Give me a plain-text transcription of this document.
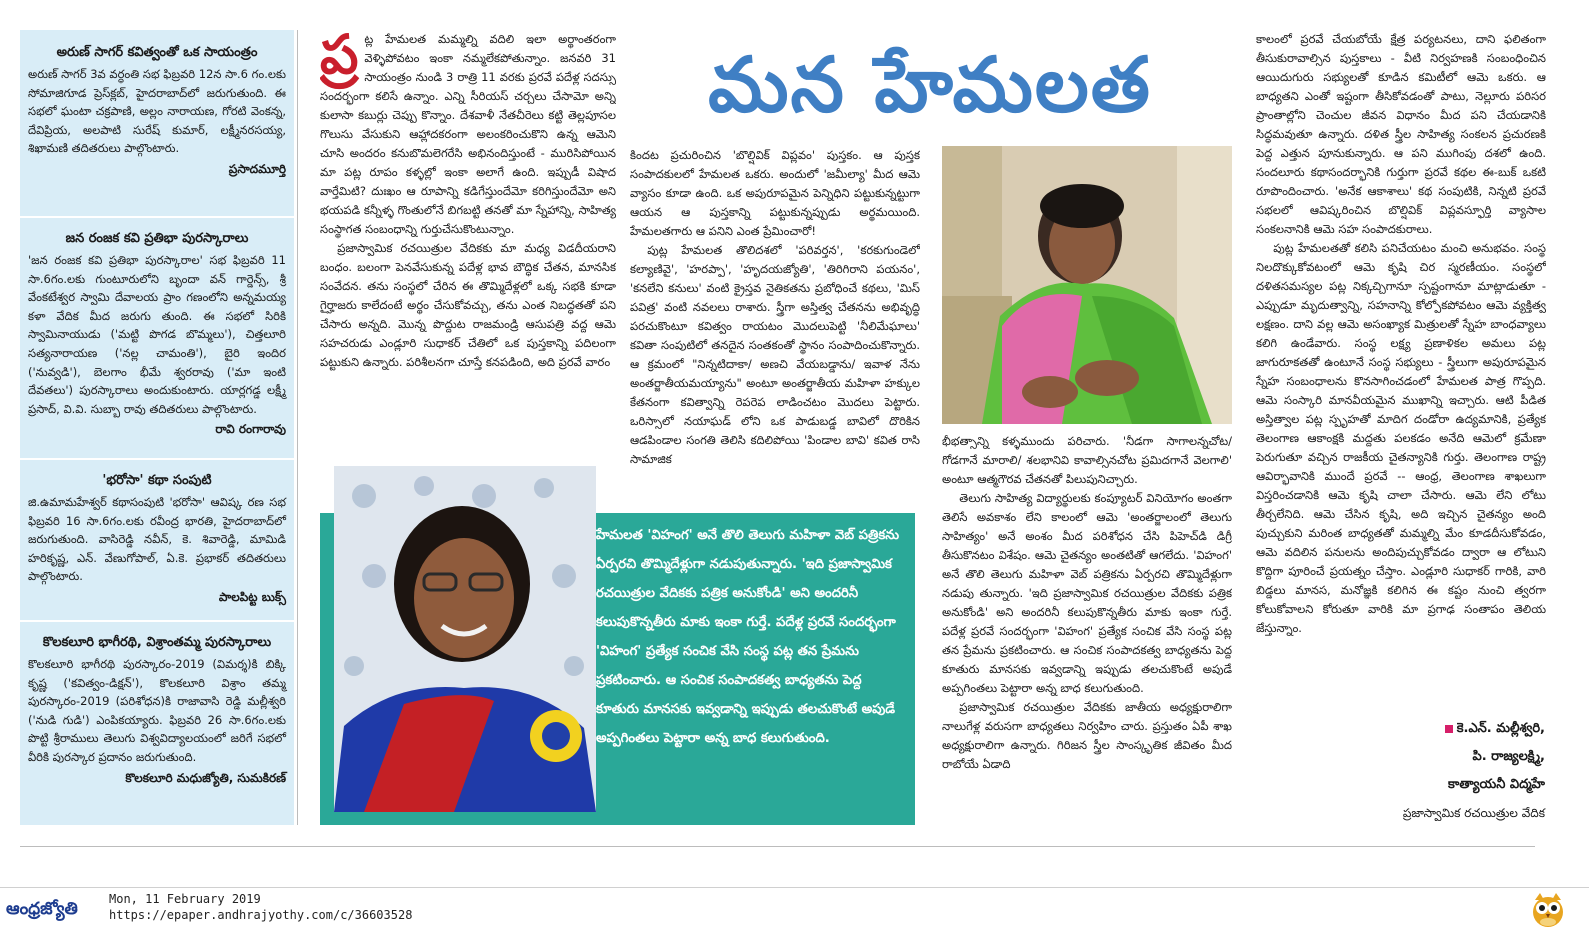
అరుణ్ సాగర్ కవిత్వంతో ఒక సాయంత్రం

అరుణ్ సాగర్ 3వ వర్ధంతి సభ ఫిబ్రవరి 12న సా.6 గం.లకు సోమాజిగూడ ప్రెస్‌క్లబ్, హైదరాబాద్‌లో జరుగుతుంది. ఈ సభలో ఘంటా చక్రపాణి, అల్లం నారాయణ, గోరటి వెంకన్న, దేవిప్రియ, అలపాటి సురేష్ కుమార్, లక్ష్మీనరసయ్య, శిఖామణి తదితరులు పాల్గొంటారు.

ప్రసాదమూర్తి
జన రంజక కవి ప్రతిభా పురస్కారాలు

'జన రంజక కవి ప్రతిభా పురస్కారాల' సభ ఫిబ్రవరి 11 సా.6గం.లకు గుంటూరులోని బృందా వన్ గార్డెన్స్, శ్రీ వేంకటేశ్వర స్వామి దేవాలయ ప్రాం గణంలోని అన్నమయ్య కళా వేదిక మీద జరుగు తుంది. ఈ సభలో సిరికి స్వామినాయుడు ('మట్టి పొగడ బొమ్మలు'), చిత్తలూరి సత్యనారాయణ ('నల్ల చామంతి'), బైరి ఇందిర ('నువ్వడి'), బెలగాం భీమే శ్వరరావు ('మా ఇంటి దేవతలు') పురస్కారాలు అందుకుంటారు. యార్లగడ్డ లక్ష్మీ ప్రసాద్, వి.వి. సుబ్బా రావు తదితరులు పాల్గొంటారు.

రావి రంగారావు
'భరోసా' కథా సంపుటి

జి.ఉమామహేశ్వర్ కథాసంపుటి 'భరోసా' ఆవిష్క రణ సభ ఫిబ్రవరి 16 సా.6గం.లకు రవీంద్ర భారతి, హైదరాబాద్‌లో జరుగుతుంది. వాసిరెడ్డి నవీన్, కె. శివారెడ్డి, మామిడి హరికృష్ణ, ఎన్. వేణుగోపాల్, ఏ.కె. ప్రభాకర్ తదితరులు పాల్గొంటారు.

పాలపిట్ట బుక్స్
కొలకలూరి భాగీరథి, విశ్రాంతమ్మ పురస్కారాలు

కొలకలూరి భాగీరథి పురస్కారం-2019 (విమర్శ)కి బిక్కి కృష్ణ ('కవిత్వం-డిక్షన్'), కొలకలూరి విశ్రాం తమ్మ పురస్కారం-2019 (పరిశోధన)కి రాజావాసి రెడ్డి మల్లీశ్వరి ('నుడి గుడి') ఎంపికయ్యారు. ఫిబ్రవరి 26 సా.6గం.లకు పొట్టి శ్రీరాములు తెలుగు విశ్వవిద్యాలయంలో జరిగే సభలో వీరికి పురస్కార ప్రదానం జరుగుతుంది.

కొలకలూరి మధుజ్యోతి, సుమకిరణ్
ప్ర ట్ల హేమలత మమ్మల్ని వదిలి ఇలా అర్థాంతరంగా వెళ్ళిపోవటం ఇంకా నమ్మలేకపోతున్నాం. జనవరి 31 సాయంత్రం నుండి 3 రాత్రి 11 వరకు ప్రరవే పదేళ్ల సదస్సు సందర్భంగా కలిసే ఉన్నాం. ఎన్ని సీరియస్ చర్చలు చేసామో అన్ని కులాసా కబుర్లు చెప్పు కొన్నాం. దేశవాళీ నేతచీరెలు కట్టి తెల్లపూసల గొలుసు వేసుకుని ఆహ్లాదకరంగా అలంకరించుకొని ఉన్న ఆమెని చూసి అందరం కనుబొమలెగరేసి అభినందిస్తుంటే - మురిసిపోయిన మా పట్ల రూపం కళ్ళల్లో ఇంకా అలాగే ఉంది. ఇప్పుడీ విషాద వార్తేమిటి? దుఃఖం ఆ రూపాన్ని కడిగేస్తుందేమో కరిగిస్తుందేమో అని భయపడి కన్నీళ్ళ గొంతులోనే బిగబట్టి తనతో మా స్నేహాన్ని, సాహిత్య సంస్థాగత సంబంధాన్ని గుర్తుచేసుకొంటున్నాం.

ప్రజాస్వామిక రచయిత్రుల వేదికకు మా మధ్య విడదీయరాని బంధం. బలంగా పెనవేసుకున్న పదేళ్ల భావ బౌద్ధిక చేతన, మానసిక సంవేదన. తను సంస్థలో చేరిన ఈ తొమ్మిదేళ్లలో ఒక్క సభకి కూడా గైర్హాజరు కాలేదంటే అర్థం చేసుకోవచ్చు, తను ఎంత నిబద్ధతతో పని చేసారు అన్నది. మొన్న పొద్దుట రాజమండ్రి ఆసుపత్రి వద్ద ఆమె సహచరుడు ఎండ్లూరి సుధాకర్ చేతిలో ఒక పుస్తకాన్ని పదిలంగా పట్టుకుని ఉన్నారు. పరిశీలనగా చూస్తే కనపడింది, అది ప్రరవే వారం

మన హేమలత

కిందట ప్రచురించిన 'బొల్షివిక్ విప్లవం' పుస్తకం. ఆ పుస్తక సంపాదకులలో హేమలత ఒకరు. అందులో 'జమీల్యా' మీద ఆమె వ్యాసం కూడా ఉంది. ఒక అపురూపమైన పెన్నిధిని పట్టుకున్నట్టుగా ఆయన ఆ పుస్తకాన్ని పట్టుకున్నప్పుడు అర్థమయింది. హేమలతగారు ఆ పనిని ఎంత ప్రేమించారో!

పుట్ల హేమలత తొలిదశలో 'పరివర్తన', 'కరకుగుండెలో కల్యాణివై', 'హరప్పా', 'హృదయజ్యోతి', 'తిరిగిరాని పయనం', 'కనలేని కనులు' వంటి క్రైస్తవ నైతికతను ప్రబోధించే కథలు, 'మిస్ పవిత్ర' వంటి నవలలు రాశారు. స్త్రీగా అస్తిత్వ చేతనను అభివృద్ధి పరచుకొంటూ కవిత్వం రాయటం మొదలుపెట్టి 'నీలిమేఘాలు' కవితా సంపుటిలో తనదైన సంతకంతో స్థానం సంపాదించుకొన్నారు. ఆ క్రమంలో "నిన్నటిదాకా/ అణచి వేయబడ్డాను/ ఇవాళ నేను అంతర్జాతీయమయ్యాను" అంటూ అంతర్జాతీయ మహిళా హక్కుల కేతనంగా కవిత్వాన్ని రెపరెప లాడించటం మొదలు పెట్టారు. ఒరిస్సాలో నయాఘడ్ లోని ఒక పాడుబడ్డ బావిలో దొరికిన ఆడపిండాల సంగతి తెలిసి కదిలిపోయి 'పిండాల బావి' కవిత రాసి సామాజిక

భీభత్సాన్ని కళ్ళముందు పరిచారు. 'నీడగా సాగాలన్నచోట/ గోడగానే మారాలి/ శలభానివి కావాల్సినచోట ప్రమిదగానే వెలగాలి' అంటూ ఆత్మగౌరవ చేతనతో పిలుపునిచ్చారు.

తెలుగు సాహిత్య విద్యార్థులకు కంప్యూటర్ వినియోగం అంతగా తెలిసే అవకాశం లేని కాలంలో ఆమె 'అంతర్జాలంలో తెలుగు సాహిత్యం' అనే అంశం మీద పరిశోధన చేసి పిహెచ్‌డి డిగ్రీ తీసుకొనటం విశేషం. ఆమె చైతన్యం అంతటితో ఆగలేదు. 'విహంగ' అనే తొలి తెలుగు మహిళా వెబ్ పత్రికను ఏర్పరచి తొమ్మిదేళ్లుగా నడుపు తున్నారు. 'ఇది ప్రజాస్వామిక రచయిత్రుల వేదికకు పత్రిక అనుకోండి' అని అందరినీ కలుపుకొన్నతీరు మాకు ఇంకా గుర్తే. పదేళ్ల ప్రరవే సందర్భంగా 'విహంగ' ప్రత్యేక సంచిక వేసి సంస్థ పట్ల తన ప్రేమను ప్రకటించారు. ఆ సంచిక సంపాదకత్వ బాధ్యతను పెద్ద కూతురు మానసకు ఇవ్వడాన్ని ఇప్పుడు తలచుకొంటే అపుడే అప్పగింతలు పెట్టారా అన్న బాధ కలుగుతుంది.

ప్రజాస్వామిక రచయిత్రుల వేదికకు జాతీయ అధ్యక్షురాలిగా నాలుగేళ్ల వరుసగా బాధ్యతలు నిర్వహిం చారు. ప్రస్తుతం ఏపీ శాఖ అధ్యక్షురాలిగా ఉన్నారు. గిరిజన స్త్రీల సాంస్కృతిక జీవితం మీద రాబోయే ఏడాది

కాలంలో ప్రరవే చేయబోయే క్షేత్ర పర్యటనలు, దాని ఫలితంగా తీసుకురావాల్సిన పుస్తకాలు - వీటి నిర్వహణకి సంబంధించిన ఆయిదుగురు సభ్యులతో కూడిన కమిటీలో ఆమె ఒకరు. ఆ బాధ్యతని ఎంతో ఇష్టంగా తీసికోవడంతో పాటు, నెల్లూరు పరిసర ప్రాంతాల్లోని చెంచుల జీవన విధానం మీద పని చేయడానికి సిద్ధమవుతూ ఉన్నారు. దళిత స్త్రీల సాహిత్య సంకలన ప్రచురణకి పెద్ద ఎత్తున పూనుకున్నారు. ఆ పని ముగింపు దశలో ఉంది. సందలూరు కథాసందర్భానికి గుర్తుగా ప్రరవే కథల ఈ-బుక్ ఒకటి రూపొందించారు. 'అనేక ఆకాశాలు' కథ సంపుటికి, నిన్నటి ప్రరవే సభలలో ఆవిష్కరించిన బొల్షివిక్ విప్లవస్ఫూర్తి వ్యాసాల సంకలనానికి ఆమె సహ సంపాదకురాలు.

పుట్ల హేమలతతో కలిసి పనిచేయటం మంచి అనుభవం. సంస్థ నిలదొక్కుకోవటంలో ఆమె కృషి చిర స్మరణీయం. సంస్థలో దళితసమస్యల పట్ల నిక్కచ్చిగానూ స్పష్టంగానూ మాట్లాడుతూ - ఎప్పుడూ మృదుత్వాన్ని, సహనాన్ని కోల్పోకపోవటం ఆమె వ్యక్తిత్వ లక్షణం. దాని వల్ల ఆమె అసంఖ్యాక మిత్రులతో స్నేహ బాంధవ్యాలు కలిగి ఉండేవారు. సంస్థ లక్ష్య ప్రణాళికల అమలు పట్ల జాగురూకతతో ఉంటూనే సంస్థ సభ్యులు - స్త్రీలుగా అపురూపమైన స్నేహ సంబంధాలను కొనసాగించడంలో హేమలత పాత్ర గొప్పది. ఆమె సంస్కారి మానవీయమైన ముఖాన్ని ఇచ్చారు. ఆటి పీడిత అస్తిత్వాల పట్ల స్పృహతో మాదిగ దండోరా ఉద్యమానికి, ప్రత్యేక తెలంగాణ ఆకాంక్షకి మద్దతు పలకడం అనేది ఆమెలో క్రమేణా పెరుగుతూ వచ్చిన రాజకీయ చైతన్యానికి గుర్తు. తెలంగాణ రాష్ట్ర ఆవిర్భావానికి ముందే ప్రరవే -- ఆంధ్ర, తెలంగాణ శాఖలుగా విస్తరించడానికి ఆమె కృషి చాలా చేసారు. ఆమె లేని లోటు తీర్చలేనిది. ఆమె చేసిన కృషి, అది ఇచ్చిన చైతన్యం అంది పుచ్చుకుని మరింత బాధ్యతతో మమ్మల్ని మేం కూడదీసుకోవడం, ఆమె వదిలిన పనులను అందిపుచ్చుకోవడం ద్వారా ఆ లోటుని కొద్దిగా పూరించే ప్రయత్నం చేస్తాం. ఎండ్లూరి సుధాకర్ గారికి, వారి బిడ్డలు మానస, మనోజ్ఞకి కలిగిన ఈ కష్టం నుంచి త్వరగా కోలుకోవాలని కోరుతూ వారికి మా ప్రగాఢ సంతాపం తెలియ జేస్తున్నాం.

హేమలత 'విహంగ' అనే తొలి తెలుగు మహిళా వెబ్ పత్రికను ఏర్పరచి తొమ్మిదేళ్లుగా నడుపుతున్నారు. 'ఇది ప్రజాస్వామిక రచయిత్రుల వేదికకు పత్రిక అనుకోండి' అని అందరినీ కలుపుకొన్నతీరు మాకు ఇంకా గుర్తే. పదేళ్ల ప్రరవే సందర్భంగా 'విహంగ' ప్రత్యేక సంచిక వేసి సంస్థ పట్ల తన ప్రేమను ప్రకటించారు. ఆ సంచిక సంపాదకత్వ బాధ్యతను పెద్ద కూతురు మానసకు ఇవ్వడాన్ని ఇప్పుడు తలచుకొంటే అపుడే అప్పగింతలు పెట్టారా అన్న బాధ కలుగుతుంది.
కె.ఎన్. మల్లీశ్వరి,
పి. రాజ్యలక్ష్మి,
కాత్యాయనీ విద్మహే
ప్రజాస్వామిక రచయిత్రుల వేదిక
ఆంధ్రజ్యోతి	Mon, 11 February 2019
https://epaper.andhrajyothy.com/c/36603528
